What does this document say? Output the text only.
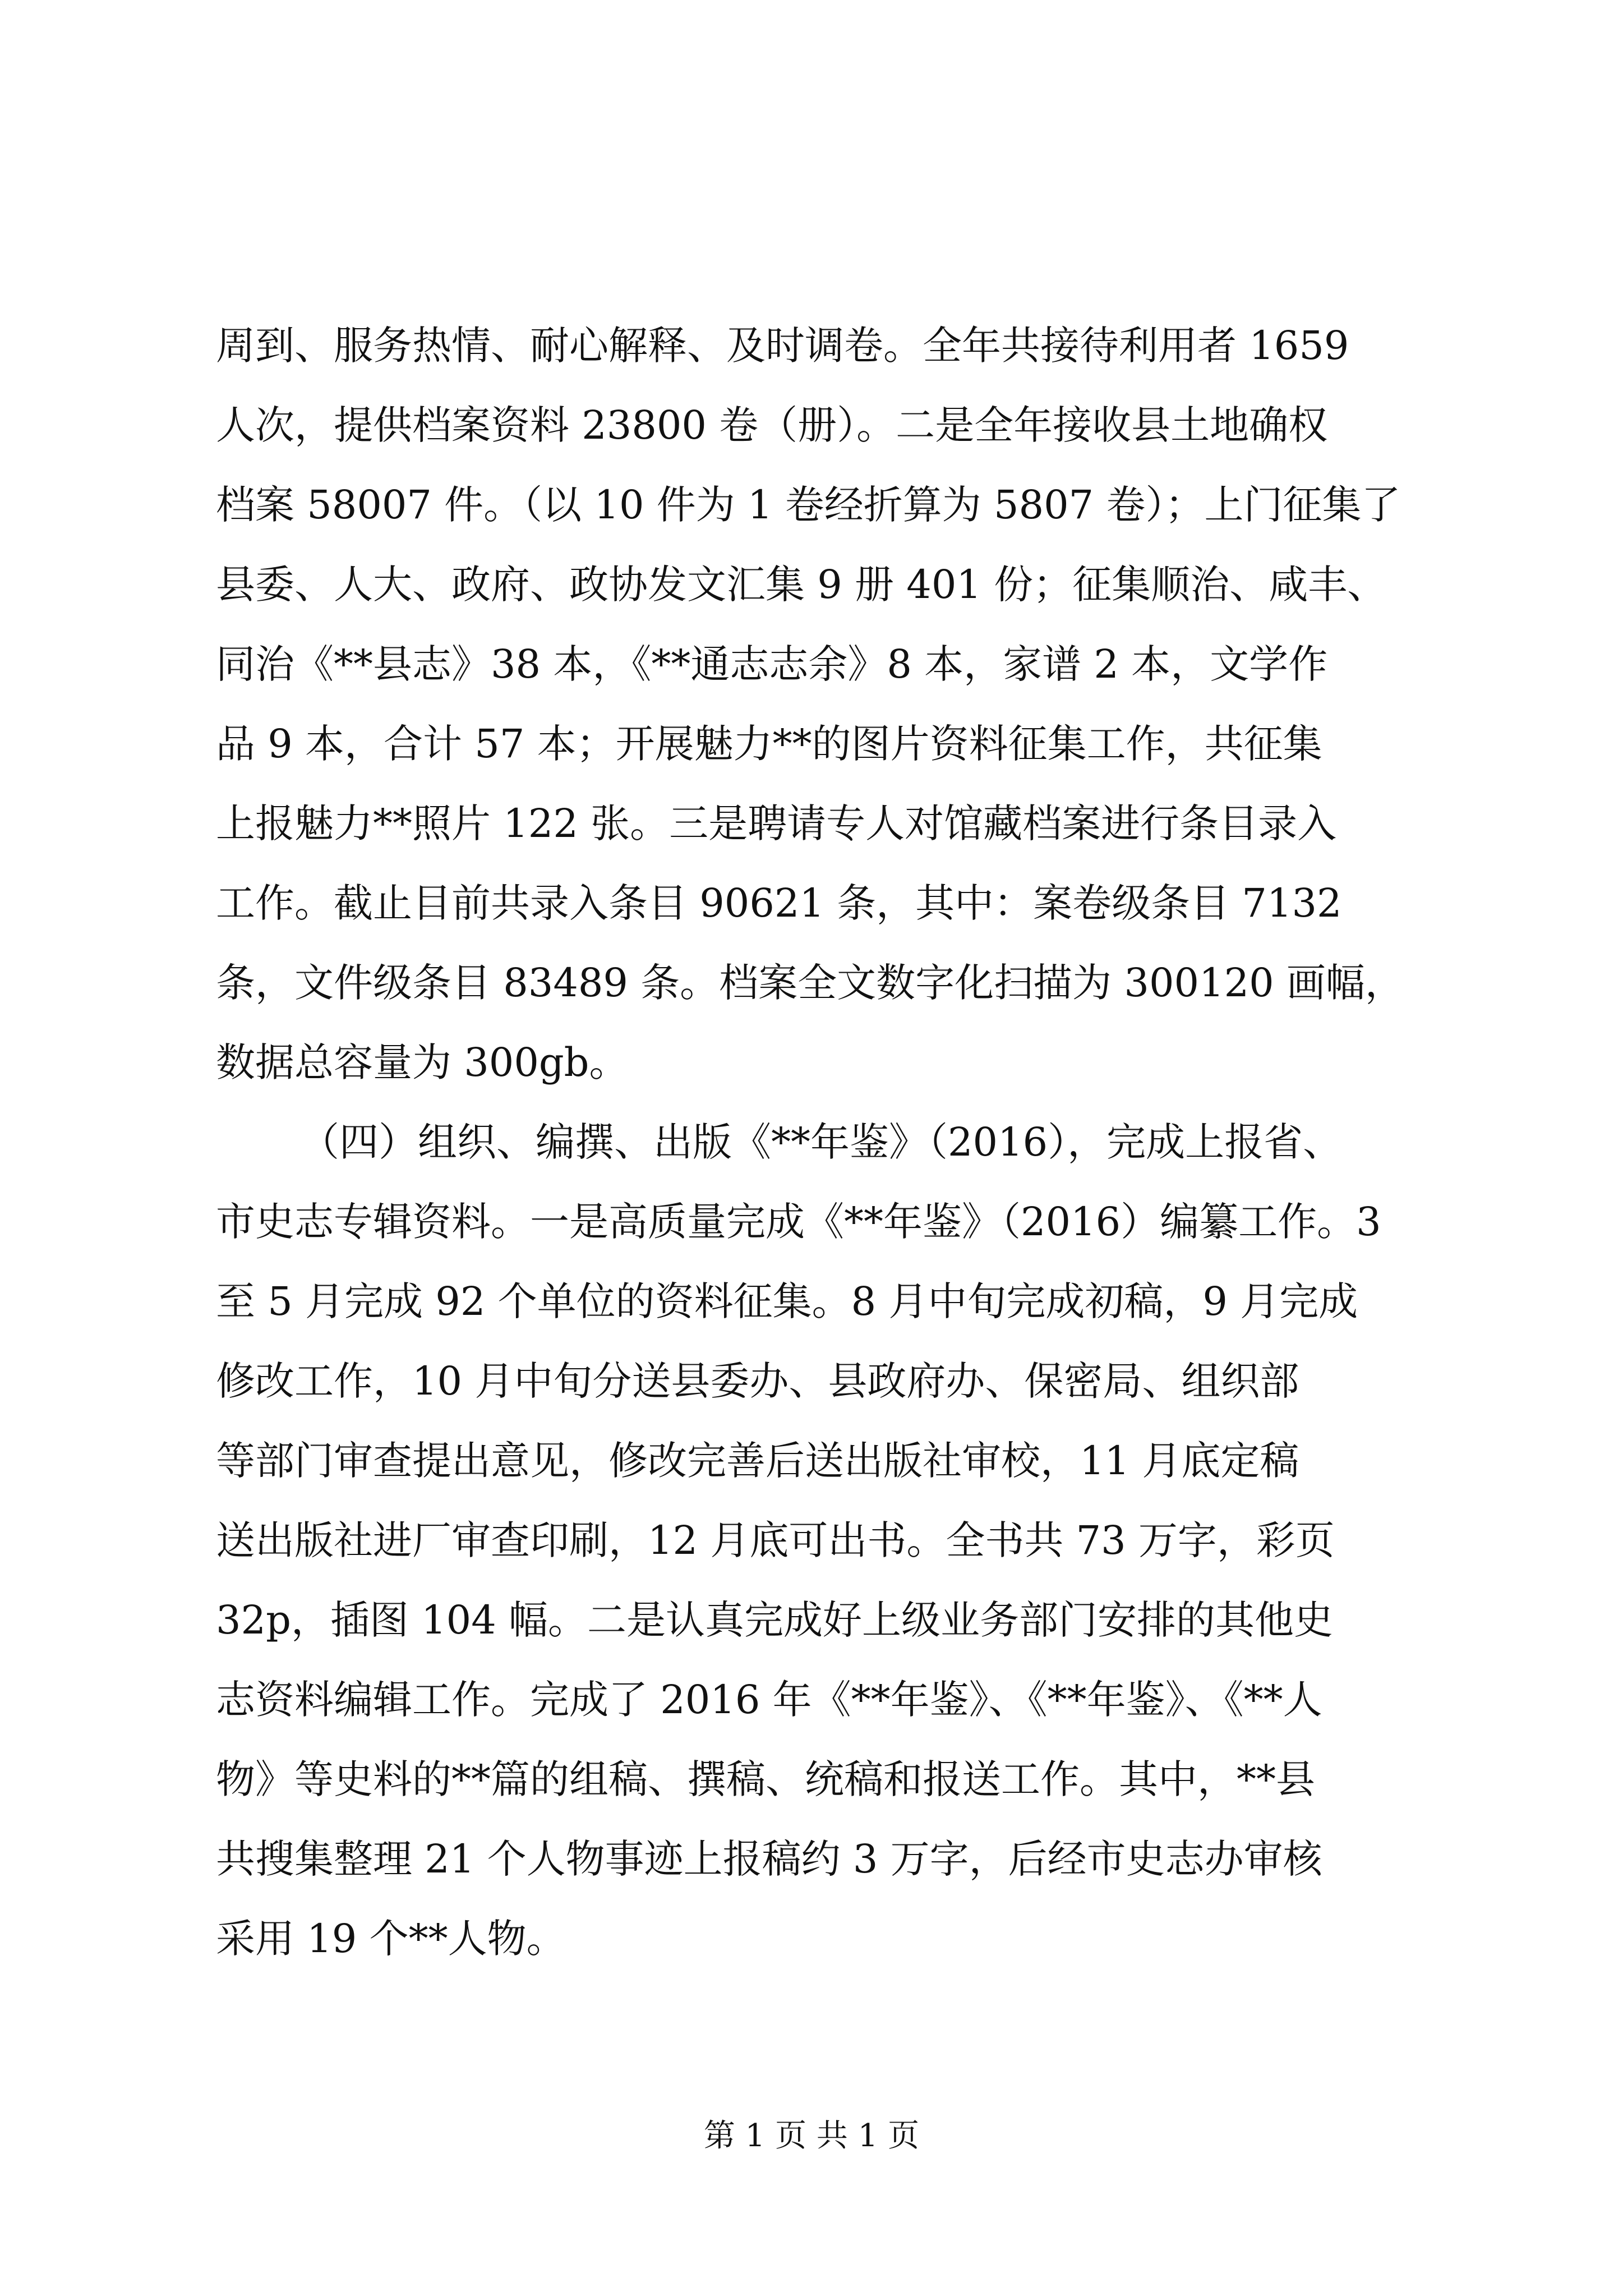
周到、服务热情、耐心解释、及时调卷。全年共接待利用者 1659
人次，提供档案资料 23800 卷（册）。二是全年接收县土地确权
档案 58007 件。（以 10 件为 1 卷经折算为 5807 卷）；上门征集了
县委、人大、政府、政协发文汇集 9 册 401 份；征集顺治、咸丰、
同治《**县志》38 本，《**通志志余》8 本，家谱 2 本，文学作
品 9 本，合计 57 本；开展魅力**的图片资料征集工作，共征集
上报魅力**照片 122 张。三是聘请专人对馆藏档案进行条目录入
工作。截止目前共录入条目 90621 条，其中：案卷级条目 7132
条，文件级条目 83489 条。档案全文数字化扫描为 300120 画幅，
数据总容量为 300gb。
（四）组织、编撰、出版《**年鉴》（2016），完成上报省、
市史志专辑资料。一是高质量完成《**年鉴》（2016）编纂工作。3
至 5 月完成 92 个单位的资料征集。8 月中旬完成初稿，9 月完成
修改工作，10 月中旬分送县委办、县政府办、保密局、组织部
等部门审查提出意见，修改完善后送出版社审校，11 月底定稿
送出版社进厂审查印刷，12 月底可出书。全书共 73 万字，彩页
32p，插图 104 幅。二是认真完成好上级业务部门安排的其他史
志资料编辑工作。完成了 2016 年《**年鉴》、《**年鉴》、《**人
物》等史料的**篇的组稿、撰稿、统稿和报送工作。其中，**县
共搜集整理 21 个人物事迹上报稿约 3 万字，后经市史志办审核
采用 19 个**人物。
第 1 页 共 1 页
